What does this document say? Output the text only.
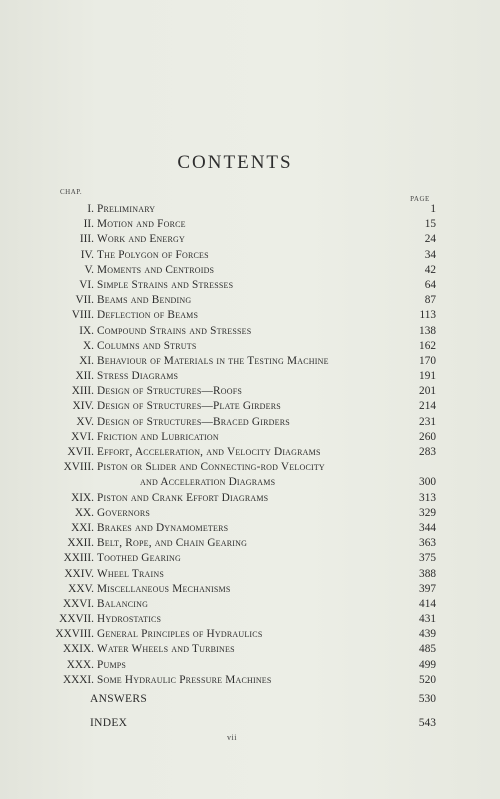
CONTENTS
CHAP.
PAGE
I. Preliminary	1
II. Motion and Force	15
III. Work and Energy	24
IV. The Polygon of Forces	34
V. Moments and Centroids	42
VI. Simple Strains and Stresses	64
VII. Beams and Bending	87
VIII. Deflection of Beams	113
IX. Compound Strains and Stresses	138
X. Columns and Struts	162
XI. Behaviour of Materials in the Testing Machine	170
XII. Stress Diagrams	191
XIII. Design of Structures—Roofs	201
XIV. Design of Structures—Plate Girders	214
XV. Design of Structures—Braced Girders	231
XVI. Friction and Lubrication	260
XVII. Effort, Acceleration, and Velocity Diagrams	283
XVIII. Piston or Slider and Connecting-rod Velocity
and Acceleration Diagrams	300
XIX. Piston and Crank Effort Diagrams	313
XX. Governors	329
XXI. Brakes and Dynamometers	344
XXII. Belt, Rope, and Chain Gearing	363
XXIII. Toothed Gearing	375
XXIV. Wheel Trains	388
XXV. Miscellaneous Mechanisms	397
XXVI. Balancing	414
XXVII. Hydrostatics	431
XXVIII. General Principles of Hydraulics	439
XXIX. Water Wheels and Turbines	485
XXX. Pumps	499
XXXI. Some Hydraulic Pressure Machines	520
ANSWERS	530
INDEX	543
vii
